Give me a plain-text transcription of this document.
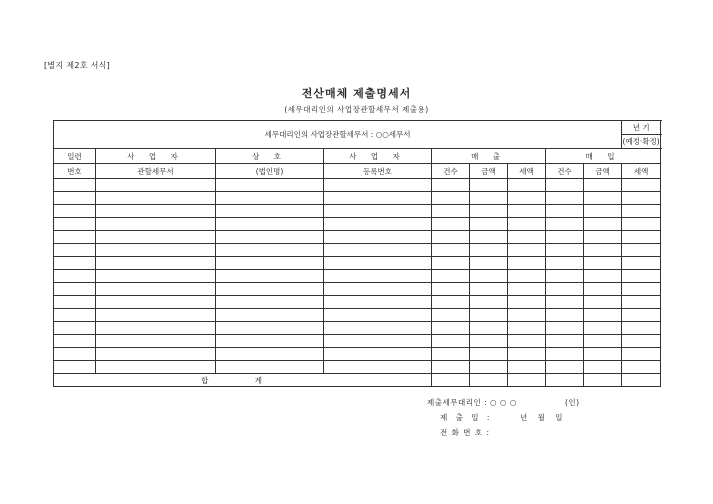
[별지 제2호 서식]
전산매체 제출명세서
(세무대리인의 사업장관할세무서 제출용)
세무대리인의 사업장관할세무서 : ○○세무서									년 기
									(예정·확정)
일련	사 업 자	상 호	사 업 자	매 출			매 입		
번호	관할세무서	(법인명)	등록번호	건수	금액	세액	건수	금액	세액

합 계									
제출세무대리인 : ○ ○ ○	(인)
제 출 일 :	년 월 일
전 화 번 호 :
